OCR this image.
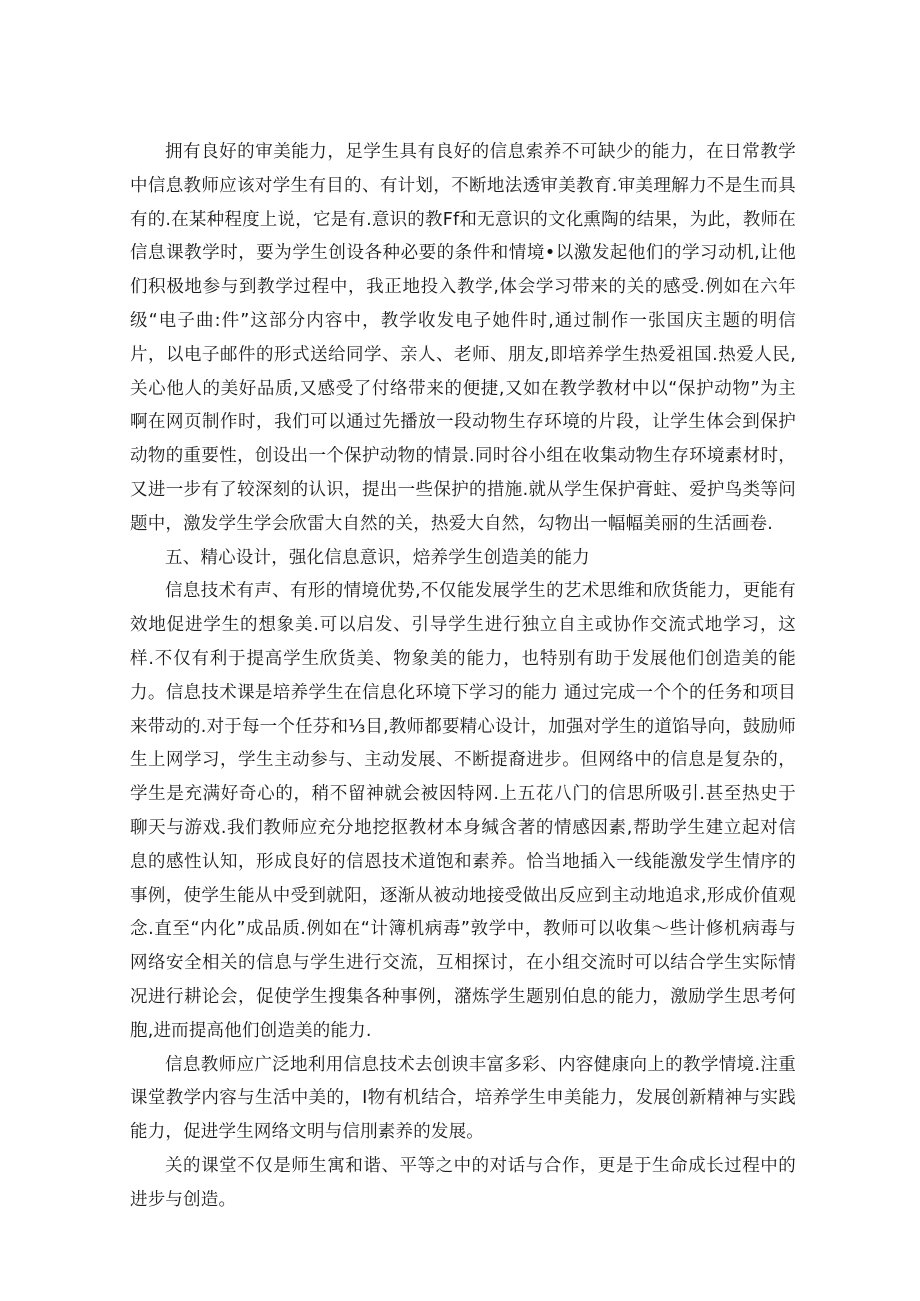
拥有良好的审美能力，足学生具有良好的信息索养不可缺少的能力，在日常教学中信息教师应该对学生有目的、有计划，不断地法透审美教育.审美理解力不是生而具有的.在某种程度上说，它是有.意识的教Ff和无意识的文化熏陶的结果，为此，教师在信息课教学时，要为学生创设各种必要的条件和情境•以激发起他们的学习动机,让他们积极地参与到教学过程中，我正地投入教学,体会学习带来的关的感受.例如在六年级“电子曲:件”这部分内容中，教学收发电子她件时,通过制作一张国庆主题的明信片，以电子邮件的形式送给同学、亲人、老师、朋友,即培养学生热爱祖国.热爱人民,关心他人的美好品质,又感受了付络带来的便捷,又如在教学教材中以“保护动物”为主啊在网页制作时，我们可以通过先播放一段动物生存环境的片段，让学生体会到保护动物的重要性，创设出一个保护动物的情景.同时谷小组在收集动物生存环境素材时，又进一步有了较深刻的认识，提出一些保护的措施.就从学生保护膏蛀、爱护鸟类等问题中，激发学生学会欣雷大自然的关，热爱大自然，勾物出一幅幅美丽的生活画卷.

五、精心设计，强化信息意识，焙养学生创造美的能力

信息技术有声、有形的情境优势,不仅能发展学生的艺术思维和欣货能力，更能有效地促进学生的想象美.可以启发、引导学生进行独立自主或协作交流式地学习，这样.不仅有利于提高学生欣货美、物象美的能力，也特别有助于发展他们创造美的能力。信息技术课是培养学生在信息化环境下学习的能力 通过完成一个个的任务和项目来带动的.对于每一个任芬和⅓目,教师都要精心设计，加强对学生的道馅导向，鼓励师生上网学习，学生主动参与、主动发展、不断提裔进步。但网络中的信息是复杂的，学生是充满好奇心的，稍不留神就会被因特网.上五花八门的信思所吸引.甚至热史于聊天与游戏.我们教师应充分地挖抠教材本身缄含著的情感因素,帮助学生建立起对信息的感性认知，形成良好的信恩技术道饱和素养。恰当地插入一线能激发学生情序的事例，使学生能从中受到就阳，逐渐从被动地接受做出反应到主动地追求,形成价值观念.直至“内化”成品质.例如在“计簿机病毒”敦学中，教师可以收集〜些计修机病毒与网络安全相关的信息与学生进行交流，互相探讨，在小组交流时可以结合学生实际情况进行耕论会，促使学生搜集各种事例，潴炼学生题别伯息的能力，激励学生思考何胞,进而提高他们创造美的能力.

信息教师应广泛地利用信息技术去创谀丰富多彩、内容健康向上的教学情境.注重课堂教学内容与生活中美的，I物有机结合，培养学生申美能力，发展创新精神与实践能力，促进学生网络文明与信刖素养的发展。

关的课堂不仅是师生寓和谐、平等之中的对话与合作，更是于生命成长过程中的进步与创造。
